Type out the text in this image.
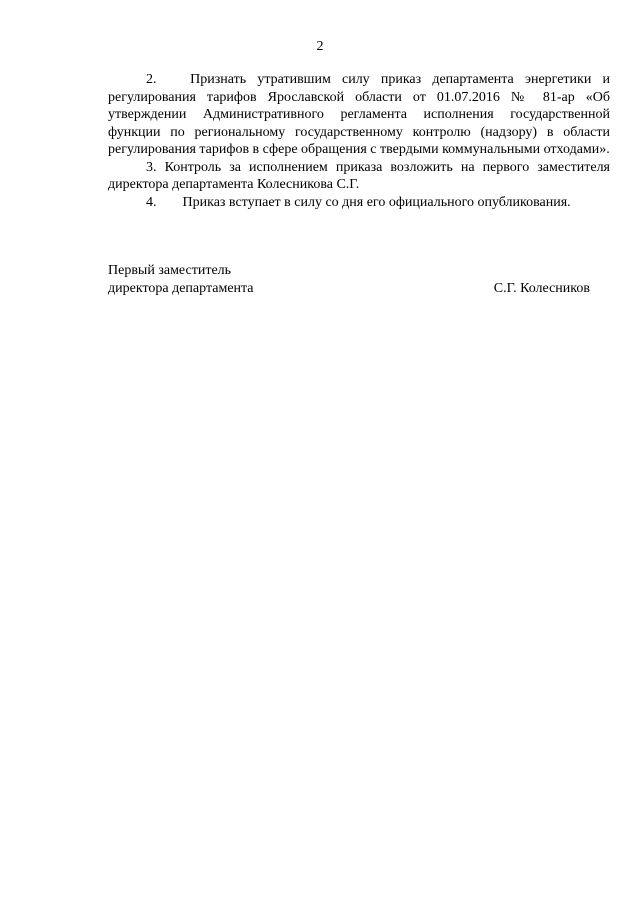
2

2. Признать утратившим силу приказ департамента энергетики и регулирования тарифов Ярославской области от 01.07.2016 № 81-ар «Об утверждении Административного регламента исполнения государственной функции по региональному государственному контролю (надзору) в области регулирования тарифов в сфере обращения с твердыми коммунальными отходами».

3. Контроль за исполнением приказа возложить на первого заместителя директора департамента Колесникова С.Г.

4. Приказ вступает в силу со дня его официального опубликования.

Первый заместитель
директора департамента	С.Г. Колесников
